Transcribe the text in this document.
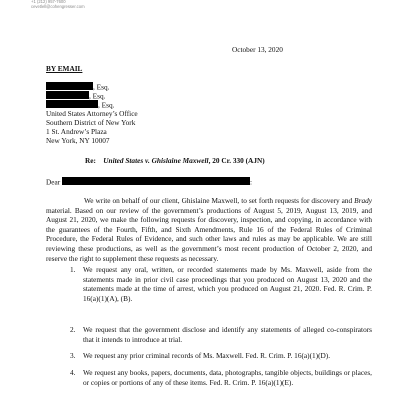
+1 (212) 957-7600
cevetlell@cohengresser.com
October 13, 2020
BY EMAIL
, Esq.
, Esq.
, Esq.
United States Attorney’s Office
Southern District of New York
1 St. Andrew’s Plaza
New York, NY 10007
Re: United States v. Ghislaine Maxwell, 20 Cr. 330 (AJN)
Dear	:
We write on behalf of our client, Ghislaine Maxwell, to set forth requests for discovery and Brady material. Based on our review of the government’s productions of August 5, 2019, August 13, 2019, and August 21, 2020, we make the following requests for discovery, inspection, and copying, in accordance with the guarantees of the Fourth, Fifth, and Sixth Amendments, Rule 16 of the Federal Rules of Criminal Procedure, the Federal Rules of Evidence, and such other laws and rules as may be applicable. We are still reviewing these productions, as well as the government’s most recent production of October 2, 2020, and reserve the right to supplement these requests as necessary.
1. We request any oral, written, or recorded statements made by Ms. Maxwell, aside from the statements made in prior civil case proceedings that you produced on August 13, 2020 and the statements made at the time of arrest, which you produced on August 21, 2020. Fed. R. Crim. P. 16(a)(1)(A), (B).
2. We request that the government disclose and identify any statements of alleged co-conspirators that it intends to introduce at trial.
3. We request any prior criminal records of Ms. Maxwell. Fed. R. Crim. P. 16(a)(1)(D).
4. We request any books, papers, documents, data, photographs, tangible objects, buildings or places, or copies or portions of any of these items. Fed. R. Crim. P. 16(a)(1)(E).
